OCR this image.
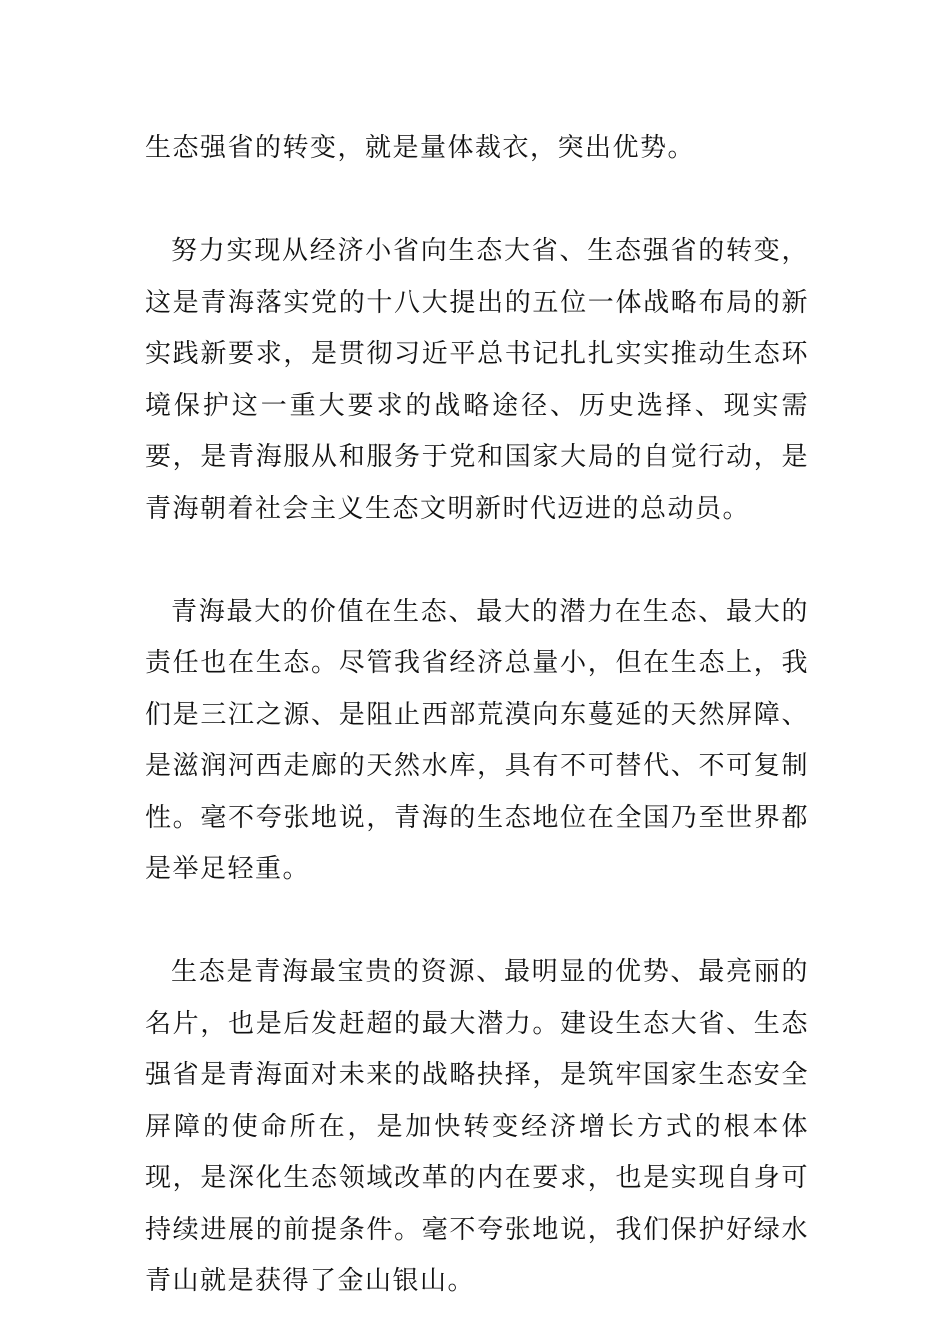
生态强省的转变，就是量体裁衣，突出优势。

努力实现从经济小省向生态大省、生态强省的转变，这是青海落实党的十八大提出的五位一体战略布局的新实践新要求，是贯彻习近平总书记扎扎实实推动生态环境保护这一重大要求的战略途径、历史选择、现实需要，是青海服从和服务于党和国家大局的自觉行动，是青海朝着社会主义生态文明新时代迈进的总动员。

青海最大的价值在生态、最大的潜力在生态、最大的责任也在生态。尽管我省经济总量小，但在生态上，我们是三江之源、是阻止西部荒漠向东蔓延的天然屏障、是滋润河西走廊的天然水库，具有不可替代、不可复制性。毫不夸张地说，青海的生态地位在全国乃至世界都是举足轻重。

生态是青海最宝贵的资源、最明显的优势、最亮丽的名片，也是后发赶超的最大潜力。建设生态大省、生态强省是青海面对未来的战略抉择，是筑牢国家生态安全屏障的使命所在，是加快转变经济增长方式的根本体现，是深化生态领域改革的内在要求，也是实现自身可持续进展的前提条件。毫不夸张地说，我们保护好绿水青山就是获得了金山银山。
